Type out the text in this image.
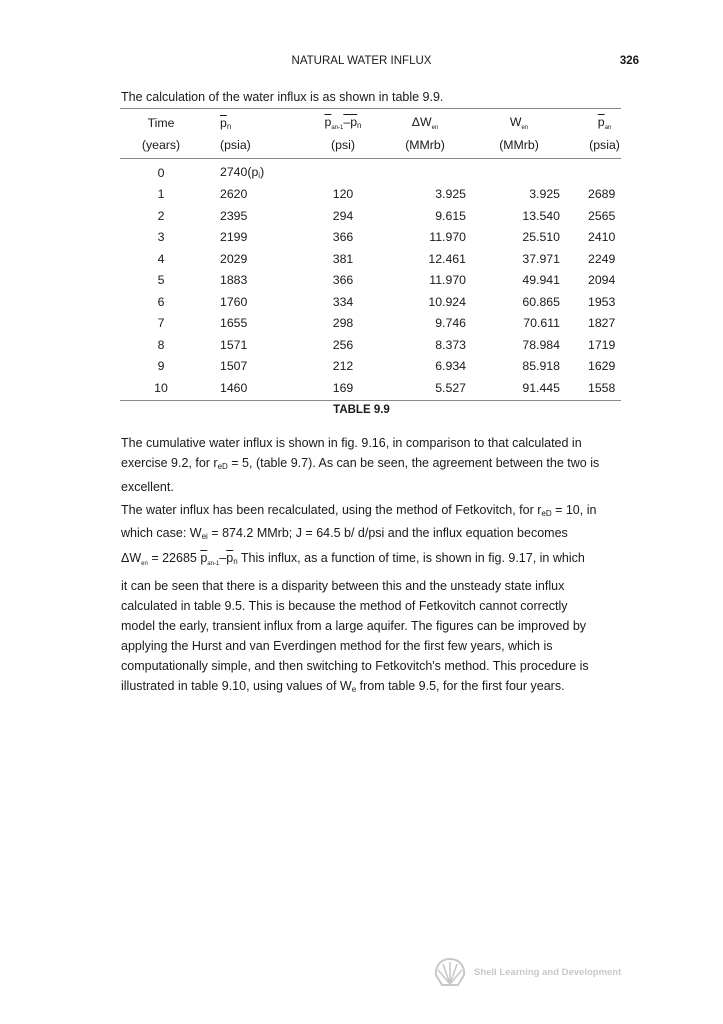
NATURAL WATER INFLUX	326
The calculation of the water influx is as shown in table 9.9.
Time	$\overline{p}_n$	$\overline{p}_{an-1}-p_n$	$\Delta W_{en}$	$W_{en}$	$\overline{p}_{an}$
(years)	(psia)	(psi)	(MMrb)	(MMrb)	(psia)

0	$2740(p_i)$				
1	2620	120	3.925	3.925	2689
2	2395	294	9.615	13.540	2565
3	2199	366	11.970	25.510	2410
4	2029	381	12.461	37.971	2249
5	1883	366	11.970	49.941	2094
6	1760	334	10.924	60.865	1953
7	1655	298	9.746	70.611	1827
8	1571	256	8.373	78.984	1719
9	1507	212	6.934	85.918	1629
10	1460	169	5.527	91.445	1558
TABLE 9.9
The cumulative water influx is shown in fig. 9.16, in comparison to that calculated in
exercise 9.2, for $r_{eD} = 5$, (table 9.7). As can be seen, the agreement between the two is
excellent.
The water influx has been recalculated, using the method of Fetkovitch, for $r_{eD} = 10$, in
which case: $W_{ei} = 874.2$ MMrb; J = 64.5 b/ d/psi and the influx equation becomes
$\Delta W_{en} = 22685$ $\overline{p}_{an-1}-\overline{p}_n$ This influx, as a function of time, is shown in fig. 9.17, in which
it can be seen that there is a disparity between this and the unsteady state influx
calculated in table 9.5. This is because the method of Fetkovitch cannot correctly
model the early, transient influx from a large aquifer. The figures can be improved by
applying the Hurst and van Everdingen method for the first few years, which is
computationally simple, and then switching to Fetkovitch's method. This procedure is
illustrated in table 9.10, using values of $W_e$ from table 9.5, for the first four years.
Shell Learning and Development
